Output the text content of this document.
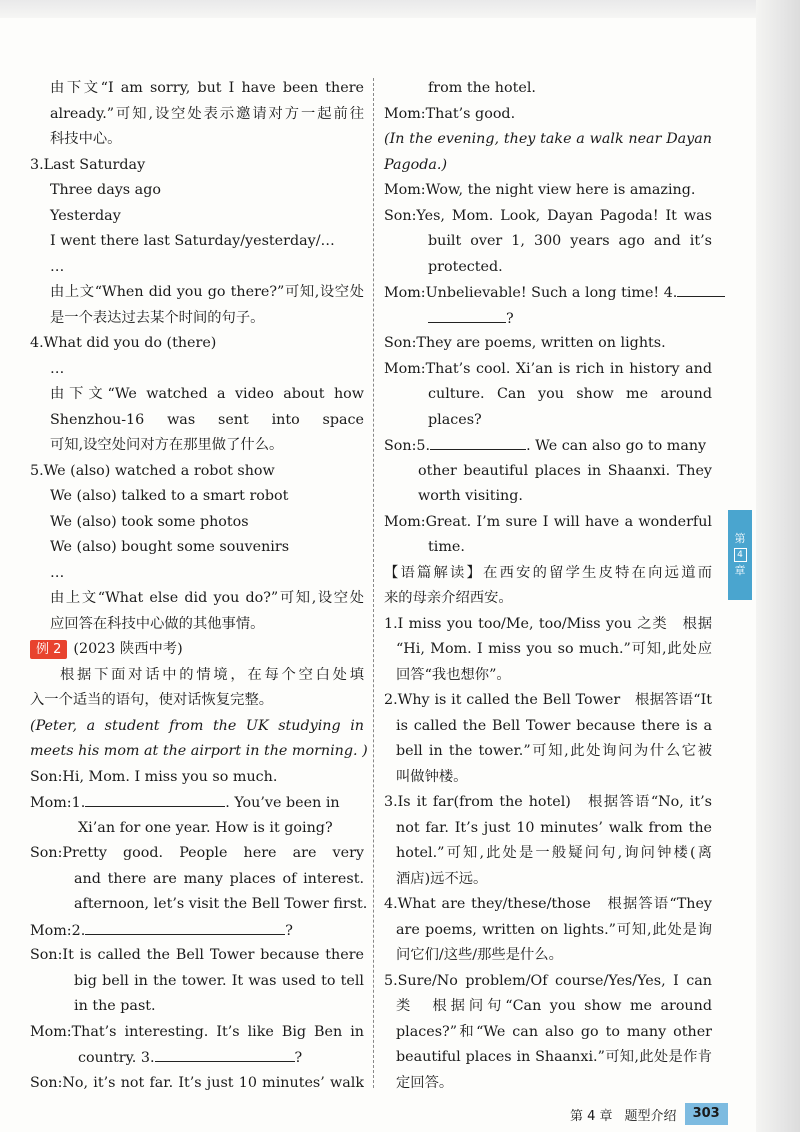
由下文“I am sorry, but I have been there
already.”可知,设空处表示邀请对方一起前往
科技中心。
3.Last Saturday
Three days ago
Yesterday
I went there last Saturday/yesterday/…
…
由上文“When did you go there?”可知,设空处
是一个表达过去某个时间的句子。
4.What did you do (there)
…
由下文“We watched a video about how
Shenzhou-16 was sent into space
可知,设空处问对方在那里做了什么。
5.We (also) watched a robot show
We (also) talked to a smart robot
We (also) took some photos
We (also) bought some souvenirs
…
由上文“What else did you do?”可知,设空处
应回答在科技中心做的其他事情。
例 2 (2023 陕西中考)
根据下面对话中的情境，在每个空白处填
入一个适当的语句，使对话恢复完整。
(Peter, a student from the UK studying in
meets his mom at the airport in the morning. )
Son:Hi, Mom. I miss you so much.
Mom:1.	. You’ve been in
Xi’an for one year. How is it going?
Son:Pretty good. People here are very
and there are many places of interest.
afternoon, let’s visit the Bell Tower first.
Mom:2.	?
Son:It is called the Bell Tower because there
big bell in the tower. It was used to tell
in the past.
Mom:That’s interesting. It’s like Big Ben in
country. 3.	?
Son:No, it’s not far. It’s just 10 minutes’ walk
from the hotel.
Mom:That’s good.
(In the evening, they take a walk near Dayan
Pagoda.)
Mom:Wow, the night view here is amazing.
Son:Yes, Mom. Look, Dayan Pagoda! It was
built over 1, 300 years ago and it’s
protected.
Mom:Unbelievable! Such a long time! 4.
?
Son:They are poems, written on lights.
Mom:That’s cool. Xi’an is rich in history and
culture. Can you show me around
places?
Son:5.	. We can also go to many
other beautiful places in Shaanxi. They
worth visiting.
Mom:Great. I’m sure I will have a wonderful
time.
【语篇解读】在西安的留学生皮特在向远道而
来的母亲介绍西安。
1.I miss you too/Me, too/Miss you 之类　根据
“Hi, Mom. I miss you so much.”可知,此处应
回答“我也想你”。
2.Why is it called the Bell Tower　根据答语“It
is called the Bell Tower because there is a
bell in the tower.”可知,此处询问为什么它被
叫做钟楼。
3.Is it far(from the hotel)　根据答语“No, it’s
not far. It’s just 10 minutes’ walk from the
hotel.”可知,此处是一般疑问句,询问钟楼(离
酒店)远不远。
4.What are they/these/those　根据答语“They
are poems, written on lights.”可知,此处是询
问它们/这些/那些是什么。
5.Sure/No problem/Of course/Yes/Yes, I can
类　根据问句“Can you show me around
places?”和“We can also go to many other
beautiful places in Shaanxi.”可知,此处是作肯
定回答。
第
4
章
第 4 章 题型介绍	303
